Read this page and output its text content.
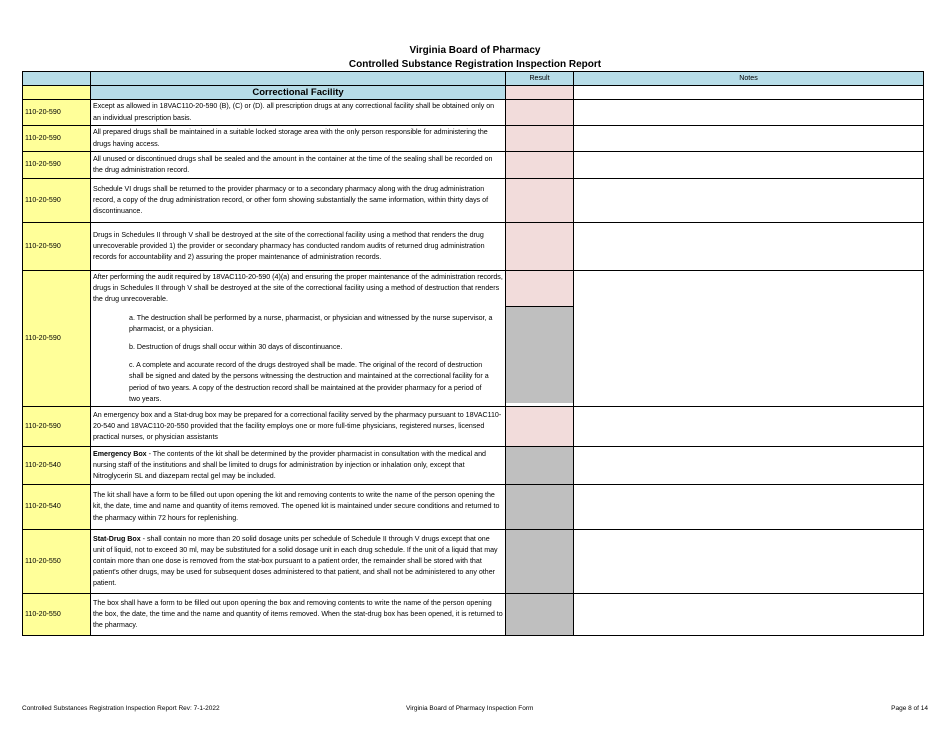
Virginia Board of Pharmacy
Controlled Substance Registration Inspection Report
		Result	Notes
	Correctional Facility		
110-20-590	Except as allowed in 18VAC110-20-590 (B), (C) or (D). all prescription drugs at any correctional facility shall be obtained only on an individual prescription basis.		
110-20-590	All prepared drugs shall be maintained in a suitable locked storage area with the only person responsible for administering the drugs having access.		
110-20-590	All unused or discontinued drugs shall be sealed and the amount in the container at the time of the sealing shall be recorded on the drug administration record.		
110-20-590	Schedule VI drugs shall be returned to the provider pharmacy or to a secondary pharmacy along with the drug administration record, a copy of the drug administration record, or other form showing substantially the same information, within thirty days of discontinuance.		
110-20-590	Drugs in Schedules II through V shall be destroyed at the site of the correctional facility using a method that renders the drug unrecoverable provided 1) the provider or secondary pharmacy has conducted random audits of returned drug administration records for accountability and 2) assuring the proper maintenance of administration records.		
110-20-590	After performing the audit required by 18VAC110-20-590 (4)(a) and ensuring the proper maintenance of the administration records, drugs in Schedules II through V shall be destroyed at the site of the correctional facility using a method of destruction that renders the drug unrecoverable.
a. The destruction shall be performed by a nurse, pharmacist, or physician and witnessed by the nurse supervisor, a pharmacist, or a physician.
b. Destruction of drugs shall occur within 30 days of discontinuance.
c. A complete and accurate record of the drugs destroyed shall be made. The original of the record of destruction shall be signed and dated by the persons witnessing the destruction and maintained at the correctional facility for a period of two years. A copy of the destruction record shall be maintained at the provider pharmacy for a period of two years.		

110-20-590	An emergency box and a Stat-drug box may be prepared for a correctional facility served by the pharmacy pursuant to 18VAC110-20-540 and 18VAC110-20-550 provided that the facility employs one or more full-time physicians, registered nurses, licensed practical nurses, or physician assistants		
110-20-540	Emergency Box - The contents of the kit shall be determined by the provider pharmacist in consultation with the medical and nursing staff of the institutions and shall be limited to drugs for administration by injection or inhalation only, except that Nitroglycerin SL and diazepam rectal gel may be included.		
110-20-540	The kit shall have a form to be filled out upon opening the kit and removing contents to write the name of the person opening the kit, the date, time and name and quantity of items removed. The opened kit is maintained under secure conditions and returned to the pharmacy within 72 hours for replenishing.		
110-20-550	Stat-Drug Box - shall contain no more than 20 solid dosage units per schedule of Schedule II through V drugs except that one unit of liquid, not to exceed 30 ml, may be substituted for a solid dosage unit in each drug schedule. If the unit of a liquid that may contain more than one dose is removed from the stat-box pursuant to a patient order, the remainder shall be stored with that patient's other drugs, may be used for subsequent doses administered to that patient, and shall not be administered to any other patient.		
110-20-550	The box shall have a form to be filled out upon opening the box and removing contents to write the name of the person opening the box, the date, the time and the name and quantity of items removed. When the stat-drug box has been opened, it is returned to the pharmacy.		
Controlled Substances Registration Inspection Report Rev: 7-1-2022	Virginia Board of Pharmacy Inspection Form	Page 8 of 14
